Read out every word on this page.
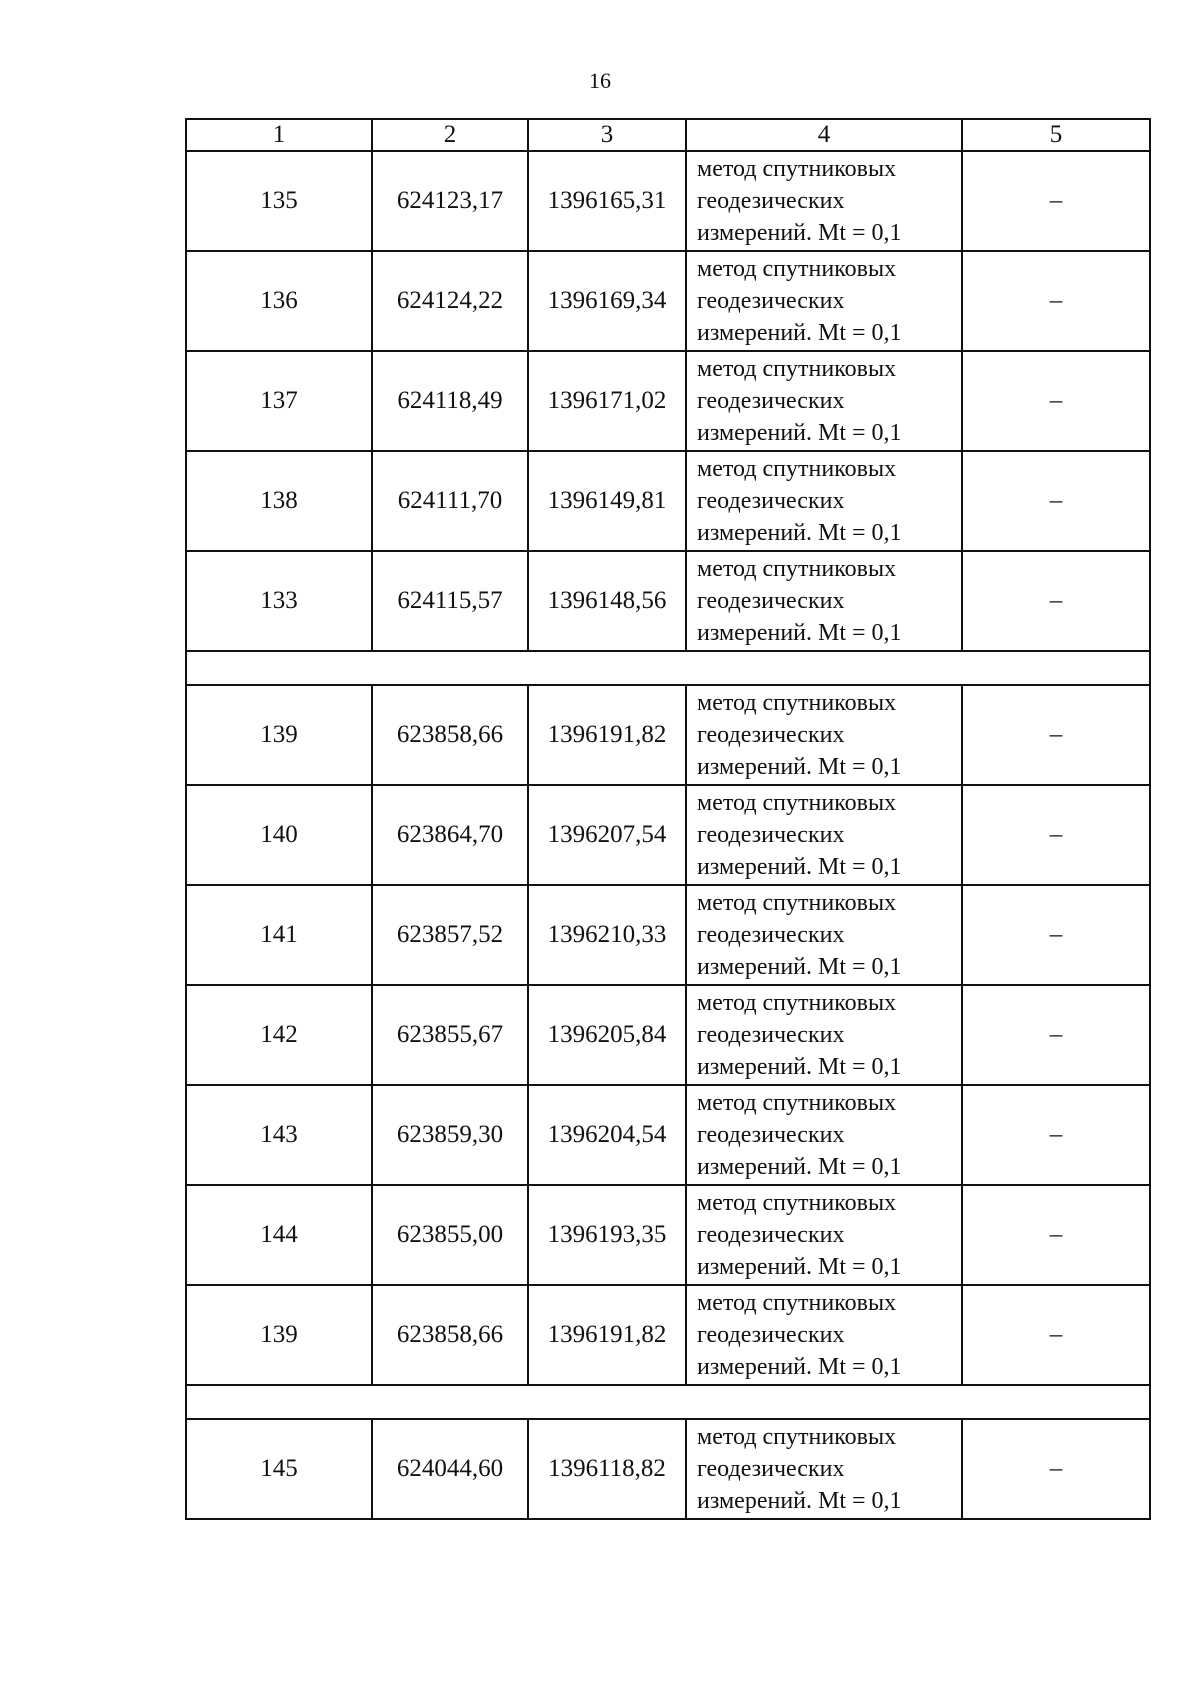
16
1	2	3	4	5
135	624123,17	1396165,31	метод спутниковых
геодезических
измерений. Mt = 0,1	–
136	624124,22	1396169,34	метод спутниковых
геодезических
измерений. Mt = 0,1	–
137	624118,49	1396171,02	метод спутниковых
геодезических
измерений. Mt = 0,1	–
138	624111,70	1396149,81	метод спутниковых
геодезических
измерений. Mt = 0,1	–
133	624115,57	1396148,56	метод спутниковых
геодезических
измерений. Mt = 0,1	–

139	623858,66	1396191,82	метод спутниковых
геодезических
измерений. Mt = 0,1	–
140	623864,70	1396207,54	метод спутниковых
геодезических
измерений. Mt = 0,1	–
141	623857,52	1396210,33	метод спутниковых
геодезических
измерений. Mt = 0,1	–
142	623855,67	1396205,84	метод спутниковых
геодезических
измерений. Mt = 0,1	–
143	623859,30	1396204,54	метод спутниковых
геодезических
измерений. Mt = 0,1	–
144	623855,00	1396193,35	метод спутниковых
геодезических
измерений. Mt = 0,1	–
139	623858,66	1396191,82	метод спутниковых
геодезических
измерений. Mt = 0,1	–

145	624044,60	1396118,82	метод спутниковых
геодезических
измерений. Mt = 0,1	–
